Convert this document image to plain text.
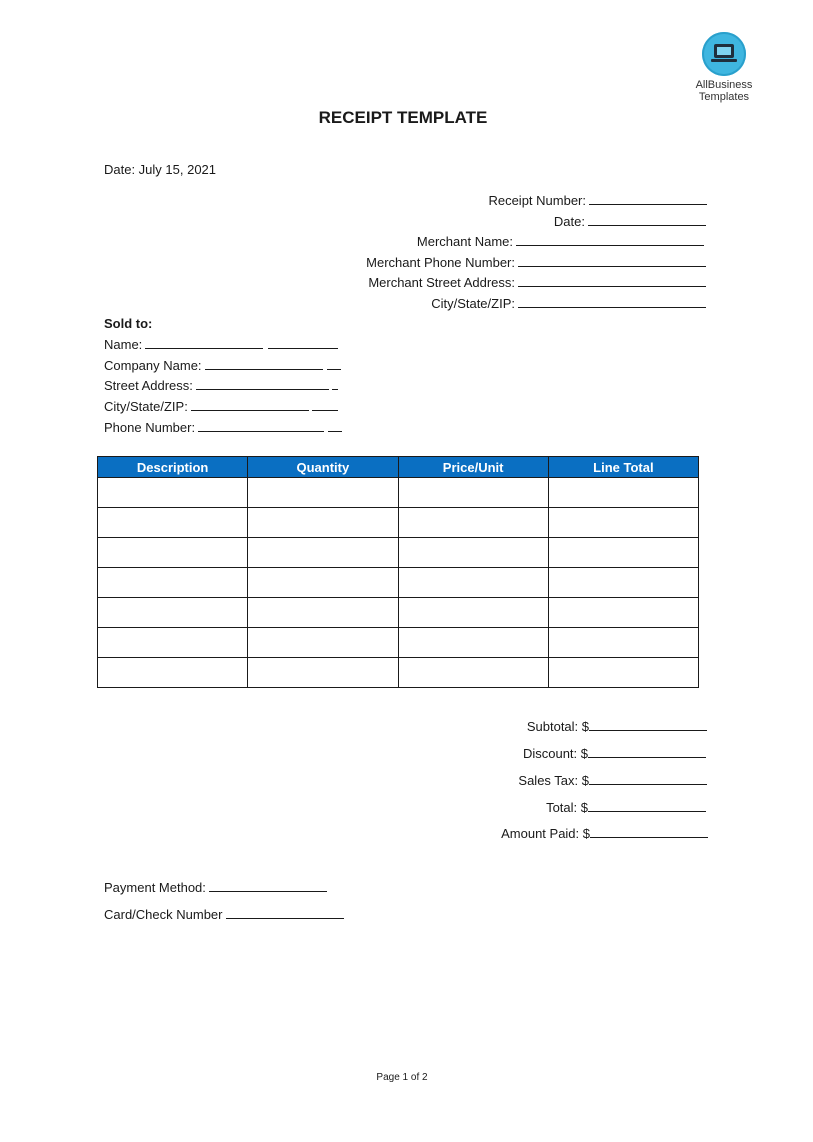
AllBusiness
Templates
RECEIPT TEMPLATE
Date: July 15, 2021
Receipt Number:
Date:
Merchant Name:
Merchant Phone Number:
Merchant Street Address:
City/State/ZIP:
Sold to:
Name:
Company Name:
Street Address:
City/State/ZIP:
Phone Number:
Description	Quantity	Price/Unit	Line Total

Subtotal: $
Discount: $
Sales Tax: $
Total: $
Amount Paid: $
Payment Method:
Card/Check Number
Page 1 of 2
